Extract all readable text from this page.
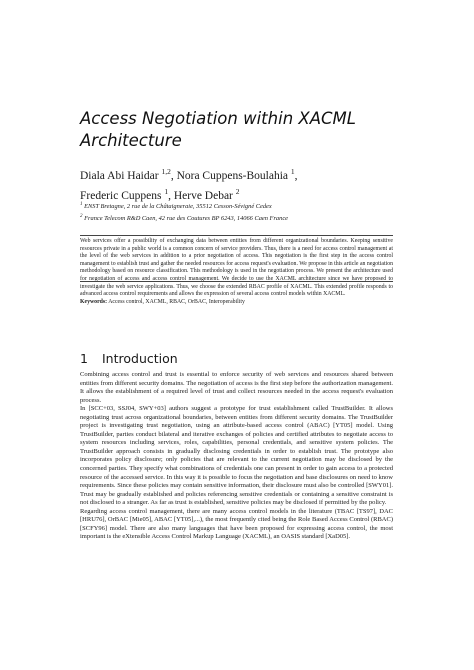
Access Negotiation within XACML Architecture
Diala Abi Haidar $^{1,2}$, Nora Cuppens-Boulahia $^1$,
Frederic Cuppens $^1$, Herve Debar $^2$
$^1$ ENST Bretagne, 2 rue de la Châtaigneraie, 35512 Cesson-Sévigné Cedex
$^2$ France Telecom R&D Caen, 42 rue des Coutures BP 6243, 14066 Caen France
Web services offer a possibility of exchanging data between entities from different organizational boundaries. Keeping sensitive resources private in a public world is a common concern of service providers. Thus, there is a need for access control management at the level of the web services in addition to a prior negotiation of access. This negotiation is the first step in the access control management to establish trust and gather the needed resources for access request's evaluation. We propose in this article an negotiation methodology based on resource classification. This methodology is used in the negotiation process. We present the architecture used for negotiation of access and access control management. We decide to use the XACML architecture since we have proposed to investigate the web service applications. Thus, we choose the extended RBAC profile of XACML. This extended profile responds to advanced access control requirements and allows the expression of several access control models within XACML.
Keywords: Access control, XACML, RBAC, OrBAC, Interoperability
1 Introduction

Combining access control and trust is essential to enforce security of web services and resources shared between entities from different security domains. The negotiation of access is the first step before the authorization management. It allows the establishment of a required level of trust and collect resources needed in the access request's evaluation process.

In [SCC+03, SSJ04, SWY+03] authors suggest a prototype for trust establishment called TrustBuilder. It allows negotiating trust across organizational boundaries, between entities from different security domains. The TrustBuilder project is investigating trust negotiation, using an attribute-based access control (ABAC) [YT05] model. Using TrustBuilder, parties conduct bilateral and iterative exchanges of policies and certified attributes to negotiate access to system resources including services, roles, capabilities, personal credentials, and sensitive system policies. The TrustBuilder approach consists in gradually disclosing credentials in order to establish trust. The prototype also incorporates policy disclosure; only policies that are relevant to the current negotiation may be disclosed by the concerned parties. They specify what combinations of credentials one can present in order to gain access to a protected resource of the accessed service. In this way it is possible to focus the negotiation and base disclosures on need to know requirements. Since these policies may contain sensitive information, their disclosure must also be controlled [SWY01]. Trust may be gradually established and policies referencing sensitive credentials or containing a sensitive constraint is not disclosed to a stranger. As far as trust is established, sensitive policies may be disclosed if permitted by the policy.

Regarding access control management, there are many access control models in the literature (TBAC [TS97], DAC [HRU76], OrBAC [Mie05], ABAC [YT05],...), the most frequently cited being the Role Based Access Control (RBAC) [SCFY96] model. There are also many languages that have been proposed for expressing access control, the most important is the eXtensible Access Control Markup Language (XACML), an OASIS standard [XaD05].
